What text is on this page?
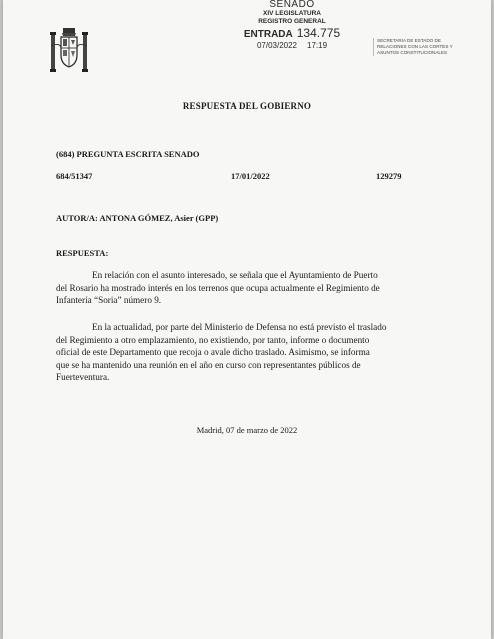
SENADO
XIV LEGISLATURA
REGISTRO GENERAL
ENTRADA 134.775
07/03/2022 17:19
SECRETARIA DE ESTADO DE
RELACIONES CON LAS CORTES Y
ASUNTOS CONSTITUCIONALES
RESPUESTA DEL GOBIERNO
(684) PREGUNTA ESCRITA SENADO
684/51347	17/01/2022	129279
AUTOR/A: ANTONA GÓMEZ, Asier (GPP)
RESPUESTA:
En relación con el asunto interesado, se señala que el Ayuntamiento de Puerto
del Rosario ha mostrado interés en los terrenos que ocupa actualmente el Regimiento de
Infantería “Soria” número 9.
En la actualidad, por parte del Ministerio de Defensa no está previsto el traslado
del Regimiento a otro emplazamiento, no existiendo, por tanto, informe o documento
oficial de este Departamento que recoja o avale dicho traslado. Asimismo, se informa
que se ha mantenido una reunión en el año en curso con representantes públicos de
Fuerteventura.
Madrid, 07 de marzo de 2022
